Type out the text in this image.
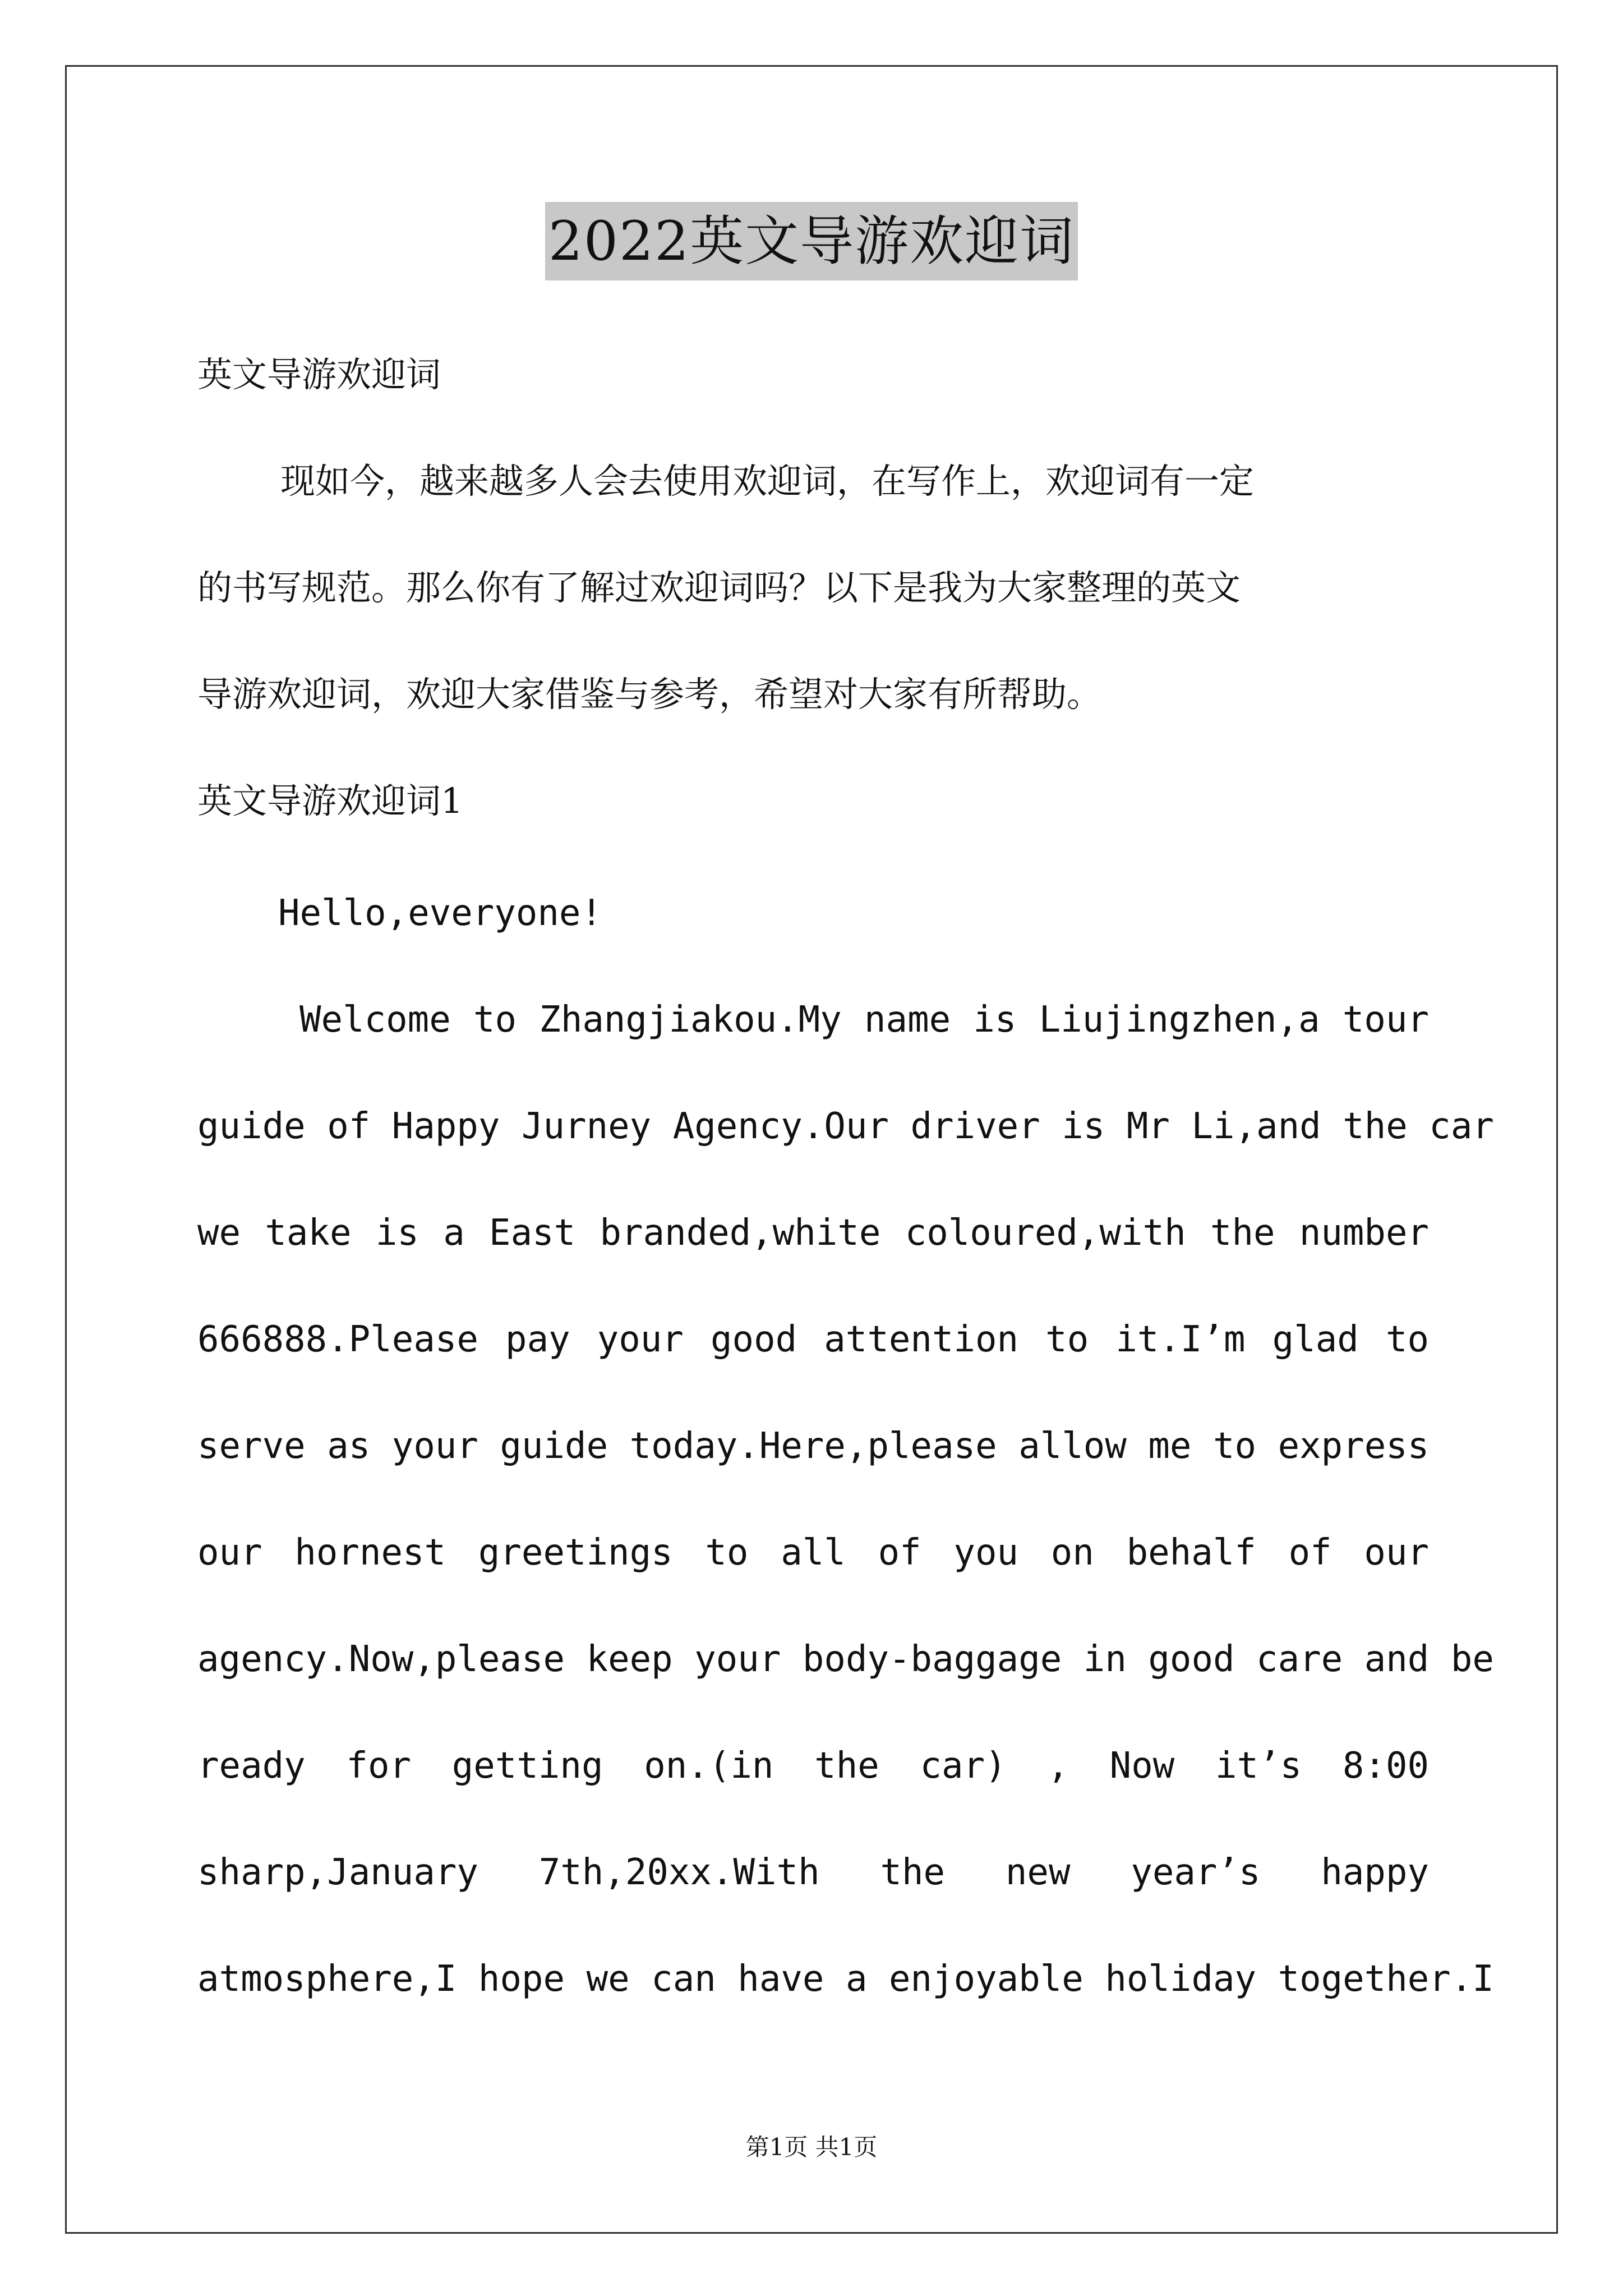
2022英文导游欢迎词
英文导游欢迎词
现如今，越来越多人会去使用欢迎词，在写作上，欢迎词有一定
的书写规范。那么你有了解过欢迎词吗？以下是我为大家整理的英文
导游欢迎词，欢迎大家借鉴与参考，希望对大家有所帮助。
英文导游欢迎词1
Hello,everyone!
Welcome to Zhangjiakou.My name is Liujingzhen,a tour
guide of Happy Jurney Agency.Our driver is Mr Li,and the car
we take is a East branded,white coloured,with the number
666888.Please pay your good attention to it.I’m glad to
serve as your guide today.Here,please allow me to express
our hornest greetings to all of you on behalf of our
agency.Now,please keep your body-baggage in good care and be
ready for getting on.(in the car) , Now it’s 8:00
sharp,January 7th,20xx.With the new year’s happy
atmosphere,I hope we can have a enjoyable holiday together.I
第1页 共1页
